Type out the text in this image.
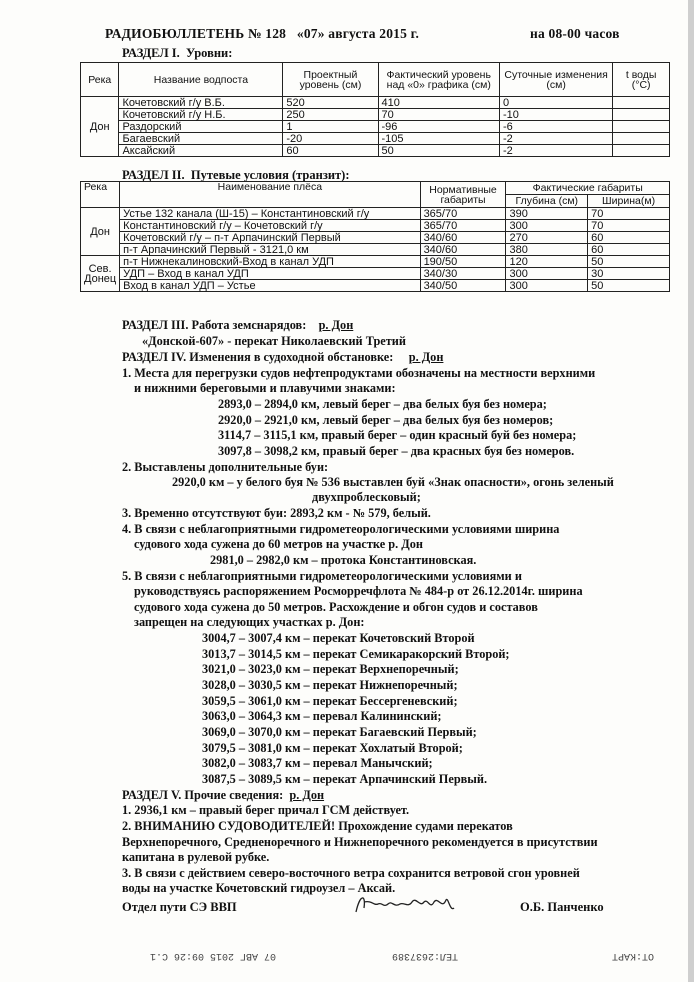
РАДИОБЮЛЛЕТЕНЬ № 128 «07» августа 2015 г.	на 08-00 часов
РАЗДЕЛ I. Уровни:
Река	Название водпоста	Проектный уровень (см)	Фактический уровень над «0» графика (см)	Суточные изменения (см)	t воды (°С)
Дон	Кочетовский г/у В.Б.	520	410	0	
	Кочетовский г/у Н.Б.	250	70	-10	
	Раздорский	1	-96	-6	
	Багаевский	-20	-105	-2	
	Аксайский	60	50	-2	
РАЗДЕЛ II. Путевые условия (транзит):
Река	Наименование плёса	Нормативные габариты	Фактические габариты	
			Глубина (см)	Ширина(м)
Дон	Устье 132 канала (Ш-15) – Константиновский г/у	365/70	390	70
	Константиновский г/у – Кочетовский г/у	365/70	300	70
	Кочетовский г/у – п-т Арпачинский Первый	340/60	270	60
	п-т Арпачинский Первый - 3121,0 км	340/60	380	60
Сев. Донец	п-т Нижнекалиновский-Вход в канал УДП	190/50	120	50
	УДП – Вход в канал УДП	340/30	300	30
	Вход в канал УДП – Устье	340/50	300	50
РАЗДЕЛ III. Работа земснарядов: р. Дон
«Донской-607» - перекат Николаевский Третий
РАЗДЕЛ IV. Изменения в судоходной обстановке: р. Дон
1. Места для перегрузки судов нефтепродуктами обозначены на местности верхними
и нижними береговыми и плавучими знаками:
2893,0 – 2894,0 км, левый берег – два белых буя без номера;
2920,0 – 2921,0 км, левый берег – два белых буя без номеров;
3114,7 – 3115,1 км, правый берег – один красный буй без номера;
3097,8 – 3098,2 км, правый берег – два красных буя без номеров.
2. Выставлены дополнительные буи:
2920,0 км – у белого буя № 536 выставлен буй «Знак опасности», огонь зеленый
двухпроблесковый;
3. Временно отсутствуют буи: 2893,2 км - № 579, белый.
4. В связи с неблагоприятными гидрометеорологическими условиями ширина
судового хода сужена до 60 метров на участке р. Дон
2981,0 – 2982,0 км – протока Константиновская.
5. В связи с неблагоприятными гидрометеорологическими условиями и
руководствуясь распоряжением Росморречфлота № 484-р от 26.12.2014г. ширина
судового хода сужена до 50 метров. Расхождение и обгон судов и составов
запрещен на следующих участках р. Дон:
3004,7 – 3007,4 км – перекат Кочетовский Второй
3013,7 – 3014,5 км – перекат Семикаракорский Второй;
3021,0 – 3023,0 км – перекат Верхнепоречный;
3028,0 – 3030,5 км – перекат Нижнепоречный;
3059,5 – 3061,0 км – перекат Бессергеневский;
3063,0 – 3064,3 км – перевал Калининский;
3069,0 – 3070,0 км – перекат Багаевский Первый;
3079,5 – 3081,0 км – перекат Хохлатый Второй;
3082,0 – 3083,7 км – перевал Манычский;
3087,5 – 3089,5 км – перекат Арпачинский Первый.
РАЗДЕЛ V. Прочие сведения: р. Дон
1. 2936,1 км – правый берег причал ГСМ действует.
2. ВНИМАНИЮ СУДОВОДИТЕЛЕЙ! Прохождение судами перекатов
Верхнепоречного, Средненоречного и Нижнепоречного рекомендуется в присутствии
капитана в рулевой рубке.
3. В связи с действием северо-восточного ветра сохранится ветровой сгон уровней
воды на участке Кочетовский гидроузел – Аксай.
Отдел пути СЭ ВВП	О.Б. Панченко
07 АВГ 2015 09:26 С.1	ТЕЛ:2637389	ОТ:КАРТ
